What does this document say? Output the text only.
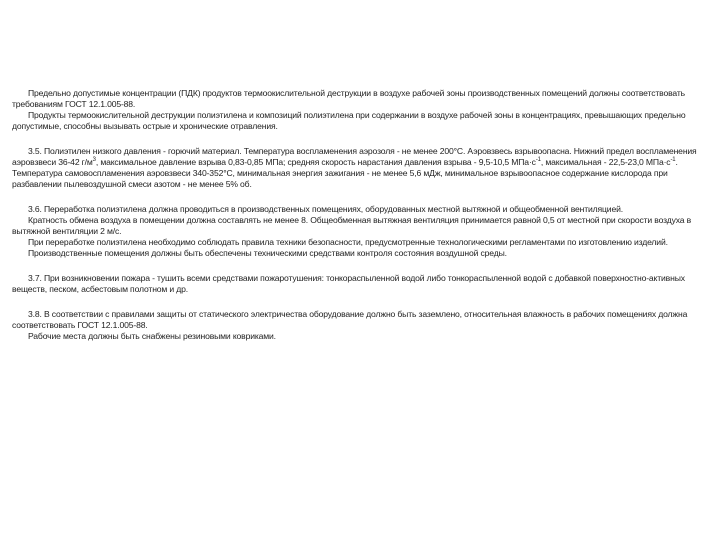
Предельно допустимые концентрации (ПДК) продуктов термоокислительной деструкции в воздухе рабочей зоны производственных помещений должны соответствовать требованиям ГОСТ 12.1.005-88.

Продукты термоокислительной деструкции полиэтилена и композиций полиэтилена при содержании в воздухе рабочей зоны в концентрациях, превышающих предельно допустимые, способны вызывать острые и хронические отравления.

3.5. Полиэтилен низкого давления - горючий материал. Температура воспламенения аэрозоля - не менее 200°С. Аэровзвесь взрывоопасна. Нижний предел воспламенения аэровзвеси 36-42 $г/м^3$, максимальное давление взрыва 0,83-0,85 МПа; средняя скорость нарастания давления взрыва - 9,5-10,5 $МПа\cdot с^{-1}$, максимальная - 22,5-23,0 $МПа\cdot с^{-1}$. Температура самовоспламенения аэровзвеси 340-352°С, минимальная энергия зажигания - не менее 5,6 мДж, минимальное взрывоопасное содержание кислорода при разбавлении пылевоздушной смеси азотом - не менее 5% об.

3.6. Переработка полиэтилена должна проводиться в производственных помещениях, оборудованных местной вытяжной и общеобменной вентиляцией.

Кратность обмена воздуха в помещении должна составлять не менее 8. Общеобменная вытяжная вентиляция принимается равной 0,5 от местной при скорости воздуха в вытяжной вентиляции 2 м/с.

При переработке полиэтилена необходимо соблюдать правила техники безопасности, предусмотренные технологическими регламентами по изготовлению изделий.

Производственные помещения должны быть обеспечены техническими средствами контроля состояния воздушной среды.

3.7. При возникновении пожара - тушить всеми средствами пожаротушения: тонкораспыленной водой либо тонкораспыленной водой с добавкой поверхностно-активных веществ, песком, асбестовым полотном и др.

3.8. В соответствии с правилами защиты от статического электричества оборудование должно быть заземлено, относительная влажность в рабочих помещениях должна соответствовать ГОСТ 12.1.005-88.

Рабочие места должны быть снабжены резиновыми ковриками.
